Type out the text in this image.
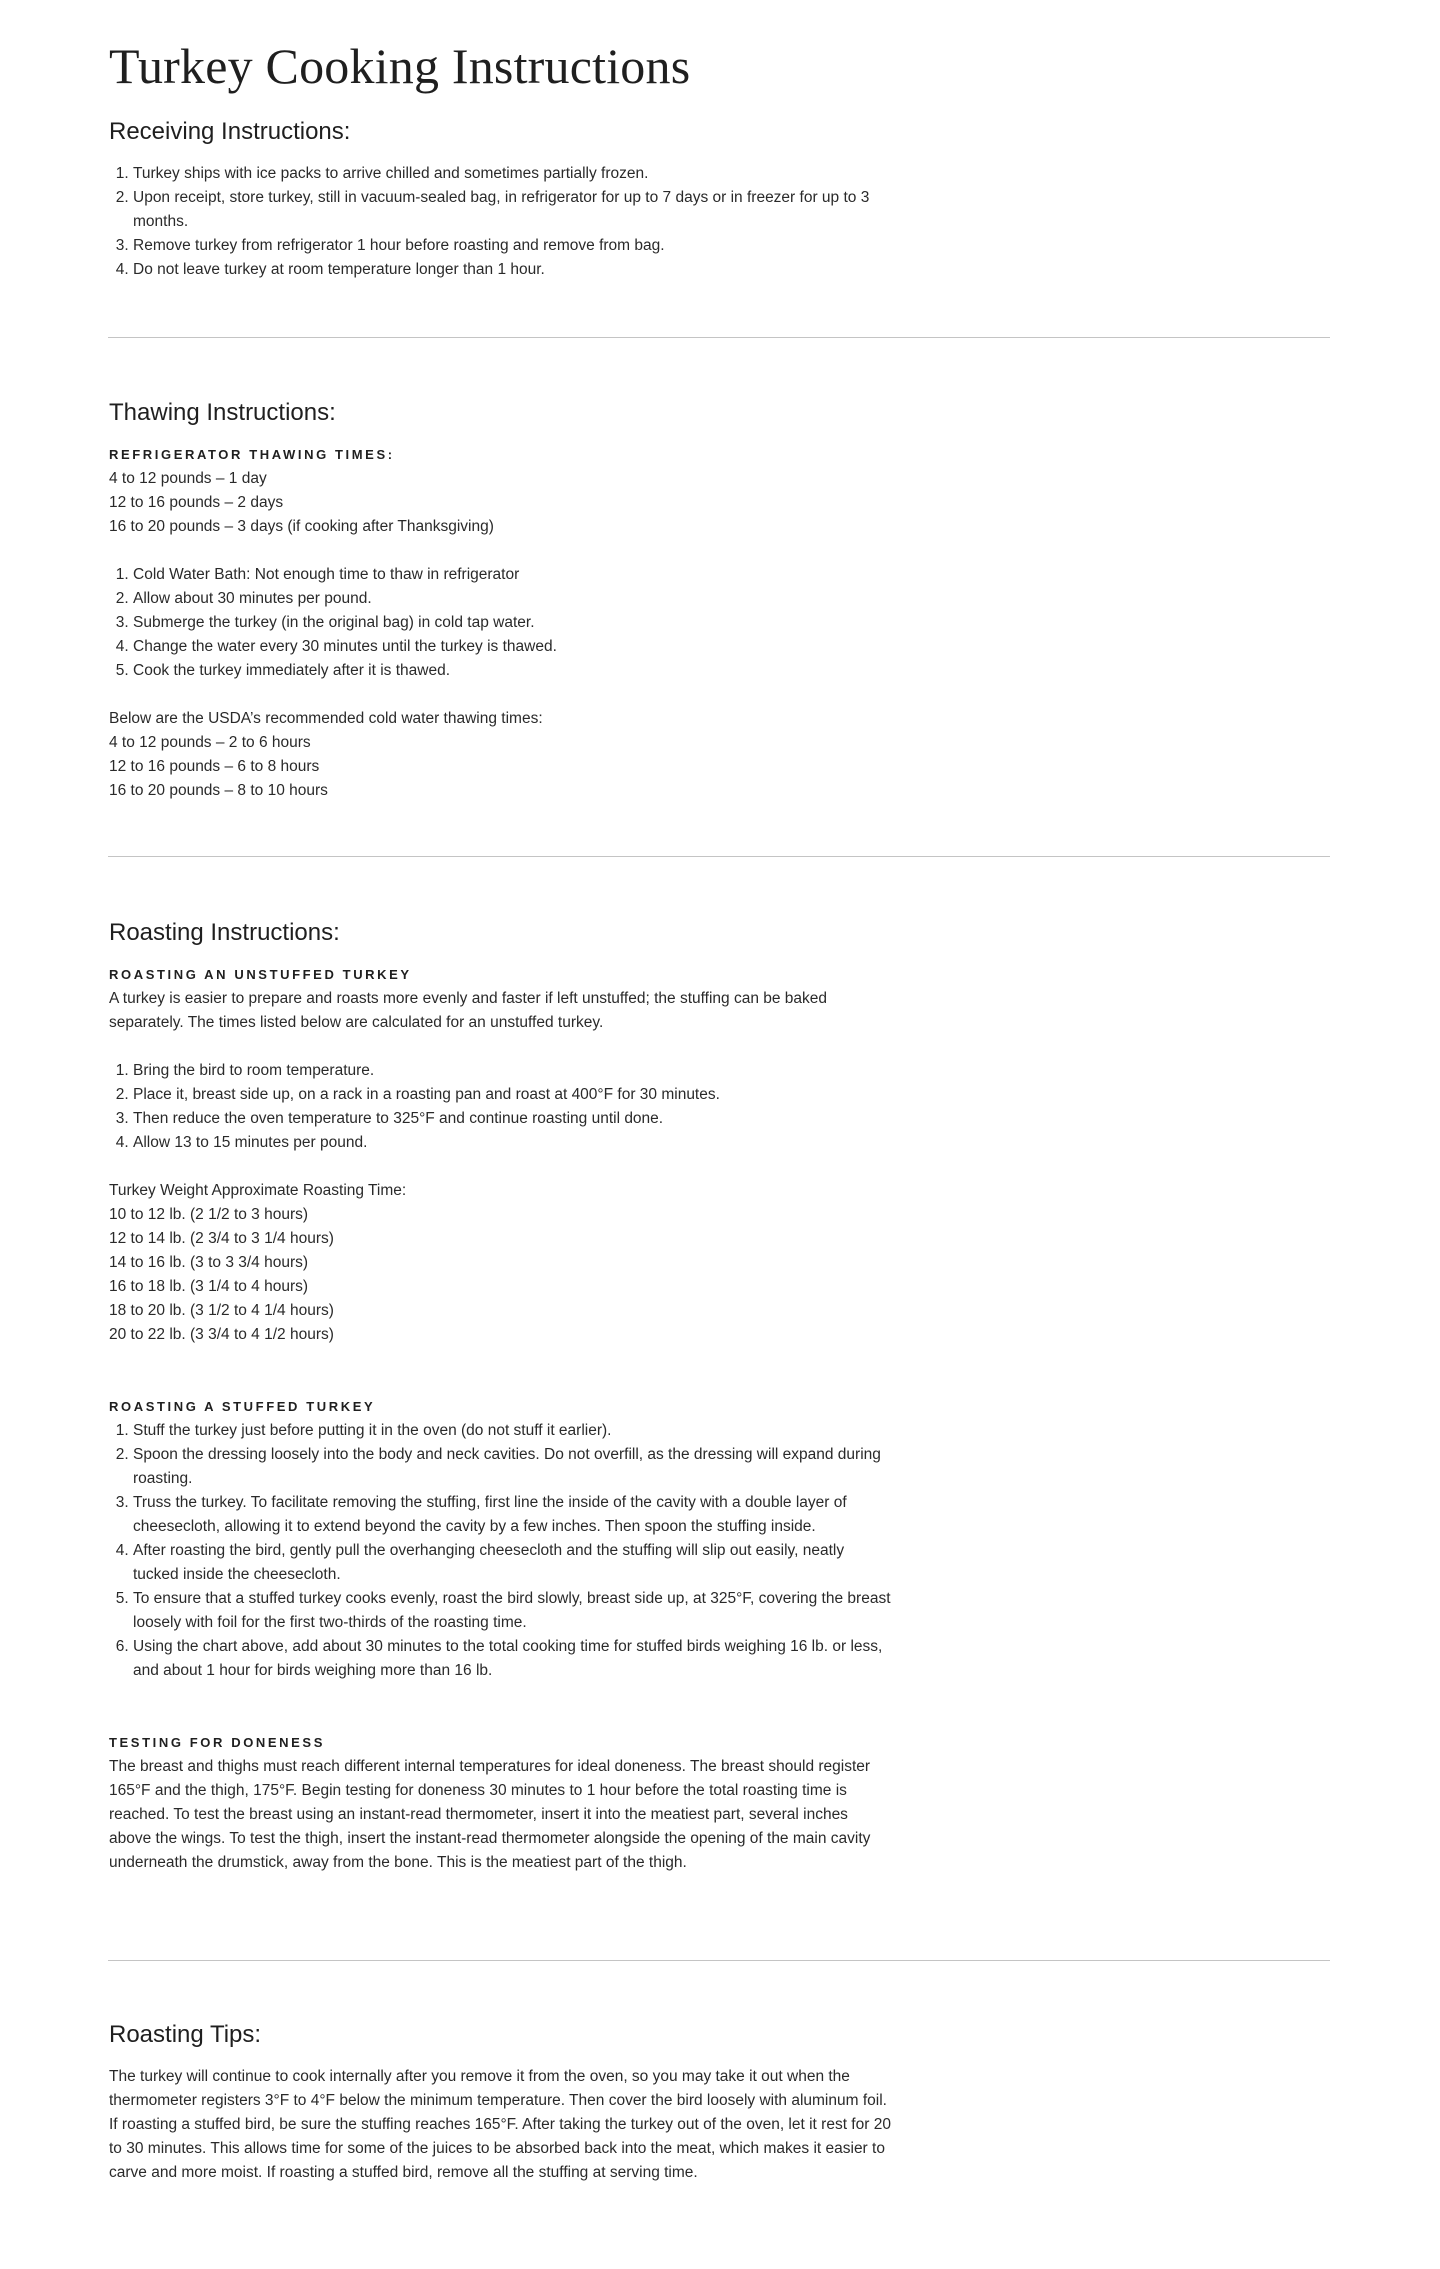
Turkey Cooking Instructions
Receiving Instructions:
1. Turkey ships with ice packs to arrive chilled and sometimes partially frozen.
2. Upon receipt, store turkey, still in vacuum-sealed bag, in refrigerator for up to 7 days or in freezer for up to 3 months.
3. Remove turkey from refrigerator 1 hour before roasting and remove from bag.
4. Do not leave turkey at room temperature longer than 1 hour.
Thawing Instructions:

REFRIGERATOR THAWING TIMES:

4 to 12 pounds – 1 day

12 to 16 pounds – 2 days

16 to 20 pounds – 3 days (if cooking after Thanksgiving)

1. Cold Water Bath: Not enough time to thaw in refrigerator
2. Allow about 30 minutes per pound.
3. Submerge the turkey (in the original bag) in cold tap water.
4. Change the water every 30 minutes until the turkey is thawed.
5. Cook the turkey immediately after it is thawed.

Below are the USDA’s recommended cold water thawing times:

4 to 12 pounds – 2 to 6 hours

12 to 16 pounds – 6 to 8 hours

16 to 20 pounds – 8 to 10 hours

Roasting Instructions:

ROASTING AN UNSTUFFED TURKEY

A turkey is easier to prepare and roasts more evenly and faster if left unstuffed; the stuffing can be baked separately. The times listed below are calculated for an unstuffed turkey.

1. Bring the bird to room temperature.
2. Place it, breast side up, on a rack in a roasting pan and roast at 400°F for 30 minutes.
3. Then reduce the oven temperature to 325°F and continue roasting until done.
4. Allow 13 to 15 minutes per pound.

Turkey Weight Approximate Roasting Time:

10 to 12 lb. (2 1/2 to 3 hours)

12 to 14 lb. (2 3/4 to 3 1/4 hours)

14 to 16 lb. (3 to 3 3/4 hours)

16 to 18 lb. (3 1/4 to 4 hours)

18 to 20 lb. (3 1/2 to 4 1/4 hours)

20 to 22 lb. (3 3/4 to 4 1/2 hours)

ROASTING A STUFFED TURKEY

1. Stuff the turkey just before putting it in the oven (do not stuff it earlier).
2. Spoon the dressing loosely into the body and neck cavities. Do not overfill, as the dressing will expand during roasting.
3. Truss the turkey. To facilitate removing the stuffing, first line the inside of the cavity with a double layer of cheesecloth, allowing it to extend beyond the cavity by a few inches. Then spoon the stuffing inside.
4. After roasting the bird, gently pull the overhanging cheesecloth and the stuffing will slip out easily, neatly tucked inside the cheesecloth.
5. To ensure that a stuffed turkey cooks evenly, roast the bird slowly, breast side up, at 325°F, covering the breast loosely with foil for the first two-thirds of the roasting time.
6. Using the chart above, add about 30 minutes to the total cooking time for stuffed birds weighing 16 lb. or less, and about 1 hour for birds weighing more than 16 lb.

TESTING FOR DONENESS

The breast and thighs must reach different internal temperatures for ideal doneness. The breast should register 165°F and the thigh, 175°F. Begin testing for doneness 30 minutes to 1 hour before the total roasting time is reached. To test the breast using an instant-read thermometer, insert it into the meatiest part, several inches above the wings. To test the thigh, insert the instant-read thermometer alongside the opening of the main cavity underneath the drumstick, away from the bone. This is the meatiest part of the thigh.

Roasting Tips:

The turkey will continue to cook internally after you remove it from the oven, so you may take it out when the thermometer registers 3°F to 4°F below the minimum temperature. Then cover the bird loosely with aluminum foil. If roasting a stuffed bird, be sure the stuffing reaches 165°F. After taking the turkey out of the oven, let it rest for 20 to 30 minutes. This allows time for some of the juices to be absorbed back into the meat, which makes it easier to carve and more moist. If roasting a stuffed bird, remove all the stuffing at serving time.
